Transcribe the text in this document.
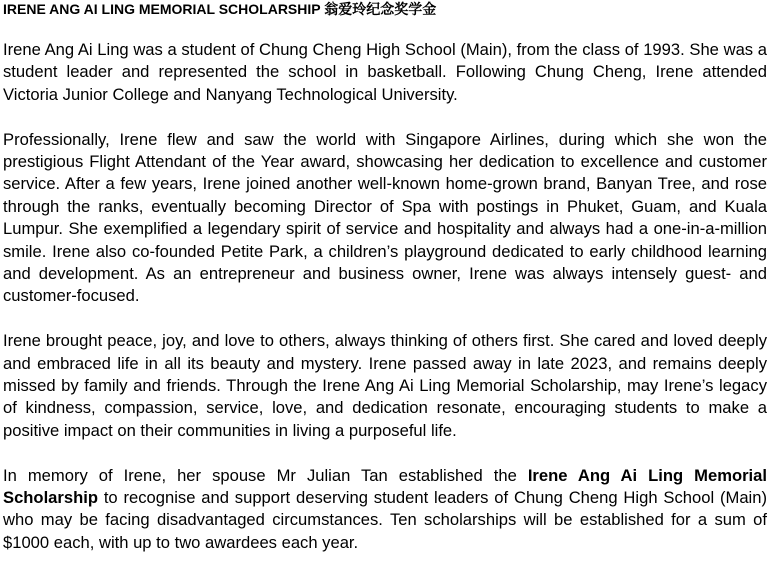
IRENE ANG AI LING MEMORIAL SCHOLARSHIP 翁爱玲纪念奖学金

Irene Ang Ai Ling was a student of Chung Cheng High School (Main), from the class of 1993. She was a student leader and represented the school in basketball. Following Chung Cheng, Irene attended Victoria Junior College and Nanyang Technological University.

Professionally, Irene flew and saw the world with Singapore Airlines, during which she won the prestigious Flight Attendant of the Year award, showcasing her dedication to excellence and customer service. After a few years, Irene joined another well-known home-grown brand, Banyan Tree, and rose through the ranks, eventually becoming Director of Spa with postings in Phuket, Guam, and Kuala Lumpur. She exemplified a legendary spirit of service and hospitality and always had a one-in-a-million smile. Irene also co-founded Petite Park, a children’s playground dedicated to early childhood learning and development. As an entrepreneur and business owner, Irene was always intensely guest- and customer-focused.

Irene brought peace, joy, and love to others, always thinking of others first. She cared and loved deeply and embraced life in all its beauty and mystery. Irene passed away in late 2023, and remains deeply missed by family and friends. Through the Irene Ang Ai Ling Memorial Scholarship, may Irene’s legacy of kindness, compassion, service, love, and dedication resonate, encouraging students to make a positive impact on their communities in living a purposeful life.

In memory of Irene, her spouse Mr Julian Tan established the Irene Ang Ai Ling Memorial Scholarship to recognise and support deserving student leaders of Chung Cheng High School (Main) who may be facing disadvantaged circumstances. Ten scholarships will be established for a sum of $1000 each, with up to two awardees each year.
